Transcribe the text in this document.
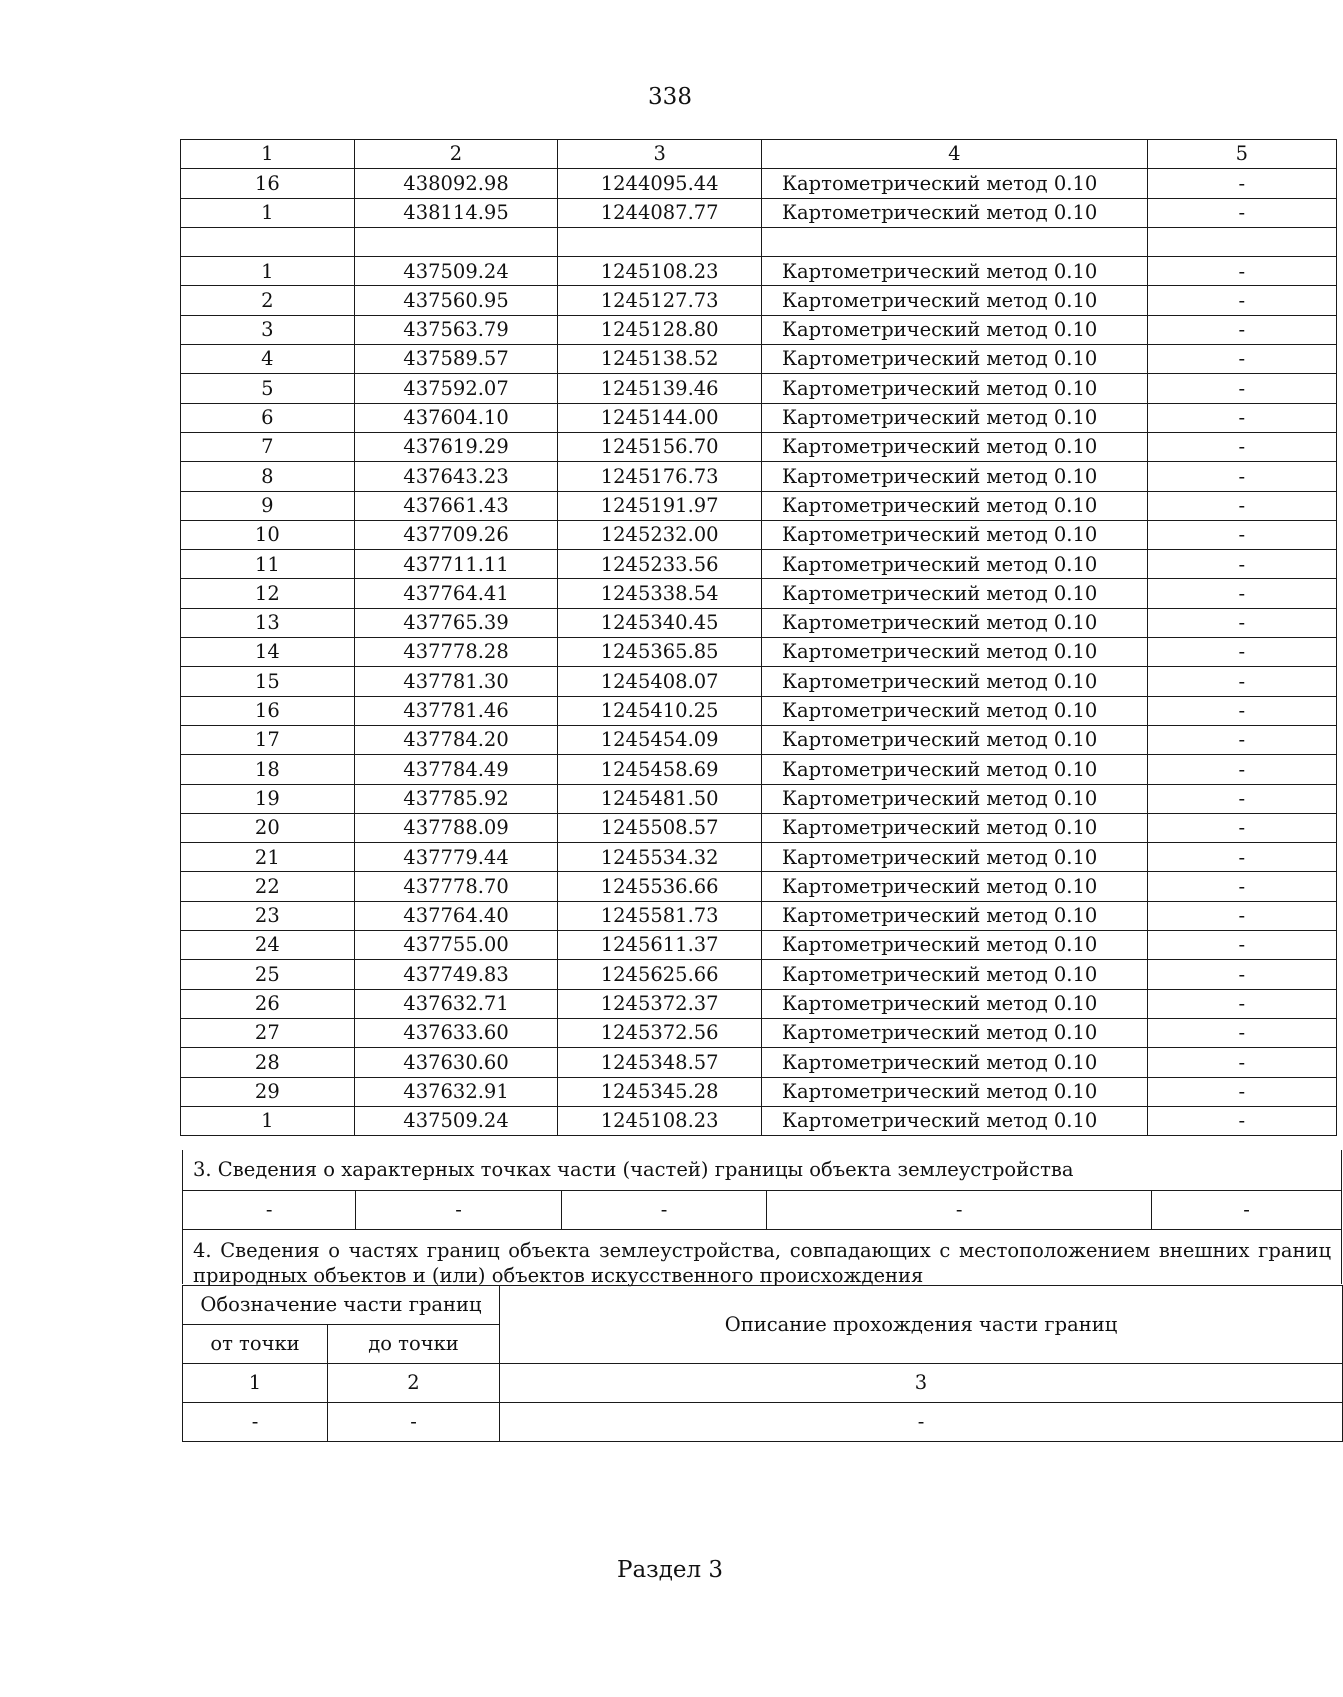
338
1	2	3	4	5
16	438092.98	1244095.44	Картометрический метод 0.10	-
1	438114.95	1244087.77	Картометрический метод 0.10	-

1	437509.24	1245108.23	Картометрический метод 0.10	-
2	437560.95	1245127.73	Картометрический метод 0.10	-
3	437563.79	1245128.80	Картометрический метод 0.10	-
4	437589.57	1245138.52	Картометрический метод 0.10	-
5	437592.07	1245139.46	Картометрический метод 0.10	-
6	437604.10	1245144.00	Картометрический метод 0.10	-
7	437619.29	1245156.70	Картометрический метод 0.10	-
8	437643.23	1245176.73	Картометрический метод 0.10	-
9	437661.43	1245191.97	Картометрический метод 0.10	-
10	437709.26	1245232.00	Картометрический метод 0.10	-
11	437711.11	1245233.56	Картометрический метод 0.10	-
12	437764.41	1245338.54	Картометрический метод 0.10	-
13	437765.39	1245340.45	Картометрический метод 0.10	-
14	437778.28	1245365.85	Картометрический метод 0.10	-
15	437781.30	1245408.07	Картометрический метод 0.10	-
16	437781.46	1245410.25	Картометрический метод 0.10	-
17	437784.20	1245454.09	Картометрический метод 0.10	-
18	437784.49	1245458.69	Картометрический метод 0.10	-
19	437785.92	1245481.50	Картометрический метод 0.10	-
20	437788.09	1245508.57	Картометрический метод 0.10	-
21	437779.44	1245534.32	Картометрический метод 0.10	-
22	437778.70	1245536.66	Картометрический метод 0.10	-
23	437764.40	1245581.73	Картометрический метод 0.10	-
24	437755.00	1245611.37	Картометрический метод 0.10	-
25	437749.83	1245625.66	Картометрический метод 0.10	-
26	437632.71	1245372.37	Картометрический метод 0.10	-
27	437633.60	1245372.56	Картометрический метод 0.10	-
28	437630.60	1245348.57	Картометрический метод 0.10	-
29	437632.91	1245345.28	Картометрический метод 0.10	-
1	437509.24	1245108.23	Картометрический метод 0.10	-
3. Сведения о характерных точках части (частей) границы объекта землеустройства
-	-	-	-	-
4. Сведения о частях границ объекта землеустройства, совпадающих с местоположением внешних границ природных объектов и (или) объектов искусственного происхождения
Обозначение части границ		Описание прохождения части границ
от точки	до точки	
1	2	3
-	-	-
Раздел 3
